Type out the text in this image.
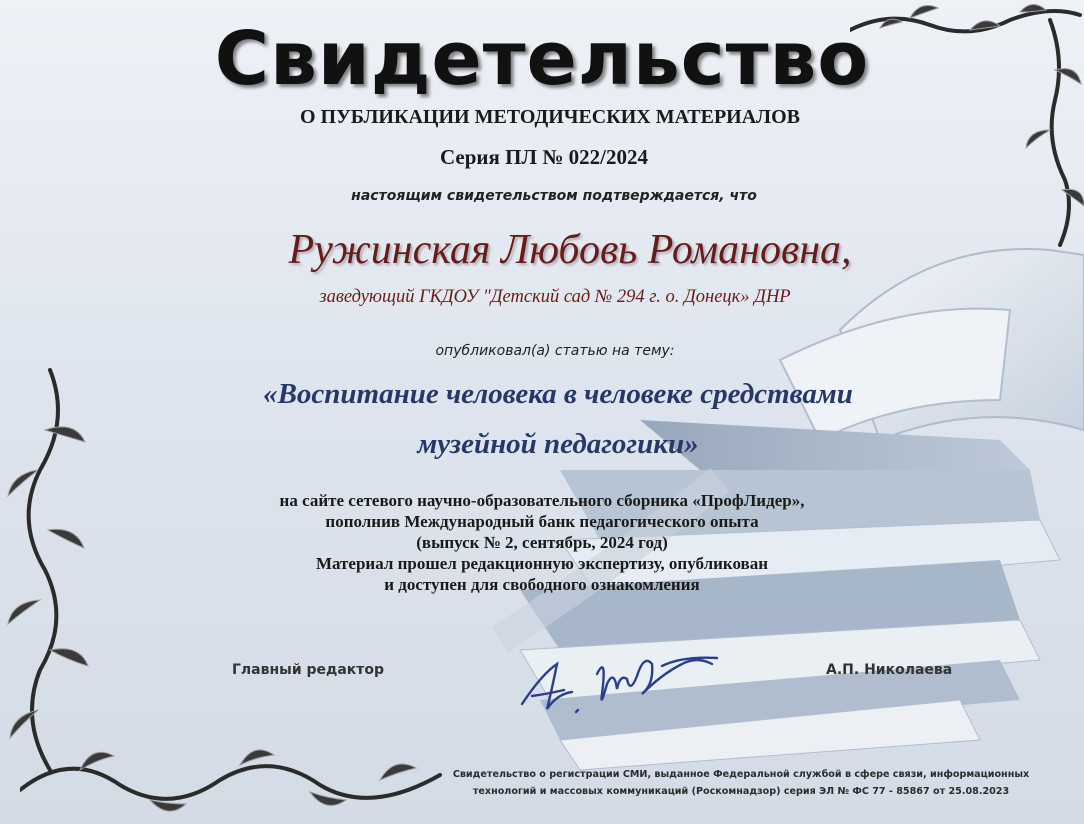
Свидетельство
О ПУБЛИКАЦИИ МЕТОДИЧЕСКИХ МАТЕРИАЛОВ
Серия ПЛ № 022/2024
настоящим свидетельством подтверждается, что
Ружинская Любовь Романовна,
заведующий ГКДОУ "Детский сад № 294 г. о. Донецк» ДНР
опубликовал(а) статью на тему:
«Воспитание человека в человеке средствами
музейной педагогики»
на сайте сетевого научно-образовательного сборника «ПрофЛидер»,
пополнив Международный банк педагогического опыта
(выпуск № 2, сентябрь, 2024 год)
Материал прошел редакционную экспертизу, опубликован
и доступен для свободного ознакомления
Главный редактор	А.П. Николаева
Свидетельство о регистрации СМИ, выданное Федеральной службой в сфере связи, информационных
технологий и массовых коммуникаций (Роскомнадзор) серия ЭЛ № ФС 77 - 85867 от 25.08.2023
